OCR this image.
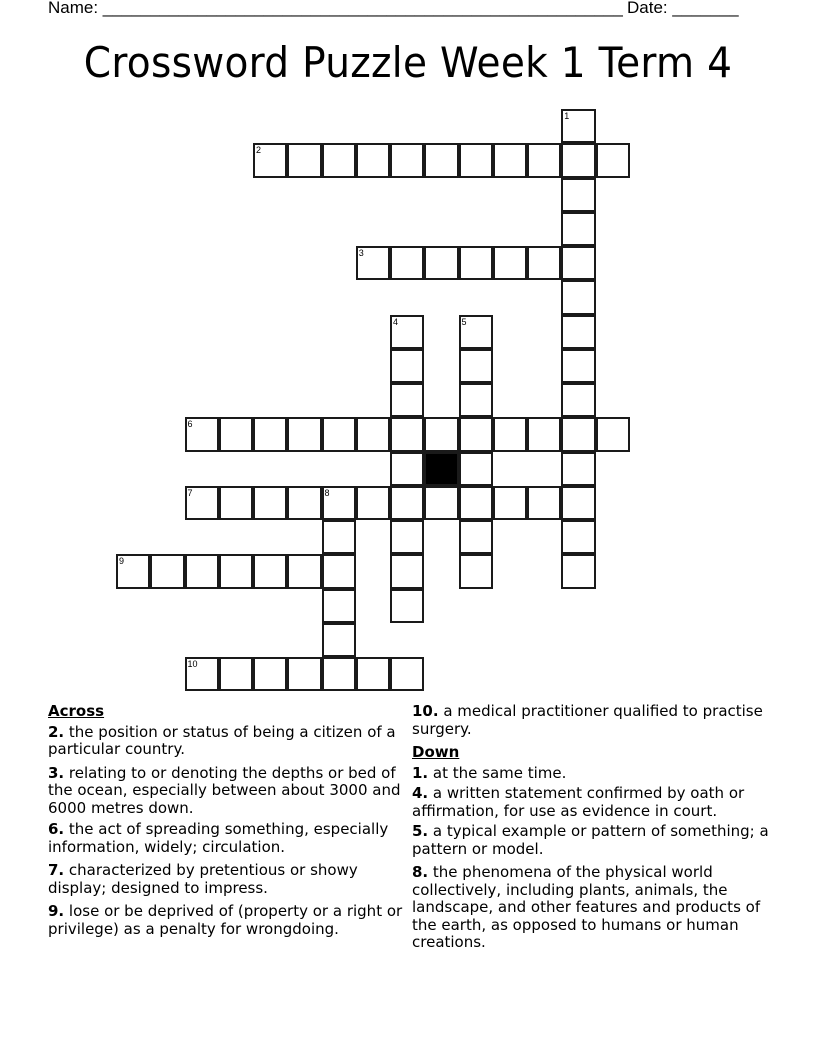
Name: _______________________________________________________ Date: _______
Crossword Puzzle Week 1 Term 4
1
2
3
4	5
6
7	8
9
10
Across
2. the position or status of being a citizen of a particular country.
3. relating to or denoting the depths or bed of the ocean, especially between about 3000 and 6000 metres down.
6. the act of spreading something, especially information, widely; circulation.
7. characterized by pretentious or showy display; designed to impress.
9. lose or be deprived of (property or a right or privilege) as a penalty for wrongdoing.
10. a medical practitioner qualified to practise surgery.
Down
1. at the same time.
4. a written statement confirmed by oath or affirmation, for use as evidence in court.
5. a typical example or pattern of something; a pattern or model.
8. the phenomena of the physical world collectively, including plants, animals, the landscape, and other features and products of the earth, as opposed to humans or human creations.
